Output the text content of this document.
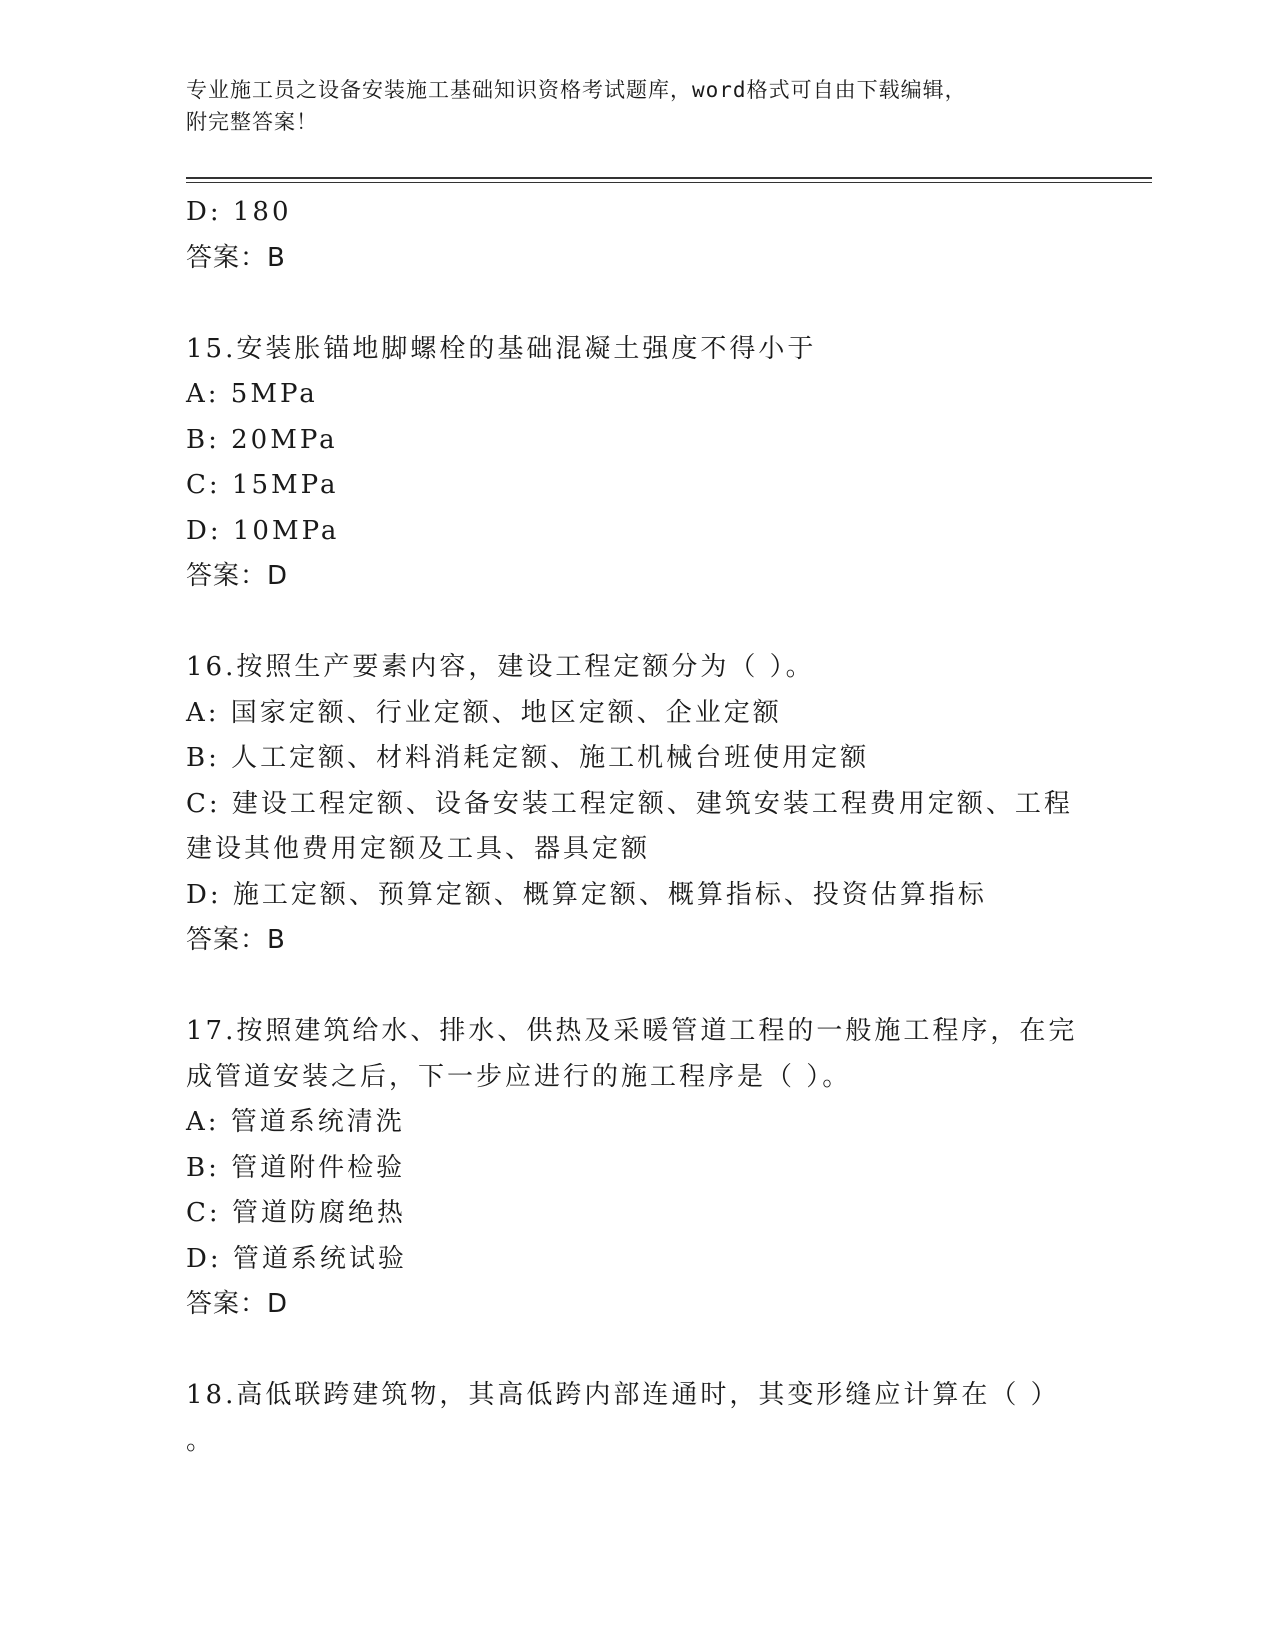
专业施工员之设备安装施工基础知识资格考试题库，word格式可自由下载编辑，
附完整答案！
D: 180
答案：B
15.安装胀锚地脚螺栓的基础混凝土强度不得小于
A: 5MPa
B: 20MPa
C: 15MPa
D: 10MPa
答案：D
16.按照生产要素内容，建设工程定额分为（ ）。
A: 国家定额、行业定额、地区定额、企业定额
B: 人工定额、材料消耗定额、施工机械台班使用定额
C: 建设工程定额、设备安装工程定额、建筑安装工程费用定额、工程
建设其他费用定额及工具、器具定额
D: 施工定额、预算定额、概算定额、概算指标、投资估算指标
答案：B
17.按照建筑给水、排水、供热及采暖管道工程的一般施工程序，在完
成管道安装之后，下一步应进行的施工程序是（ ）。
A: 管道系统清洗
B: 管道附件检验
C: 管道防腐绝热
D: 管道系统试验
答案：D
18.高低联跨建筑物，其高低跨内部连通时，其变形缝应计算在（ ）
。
